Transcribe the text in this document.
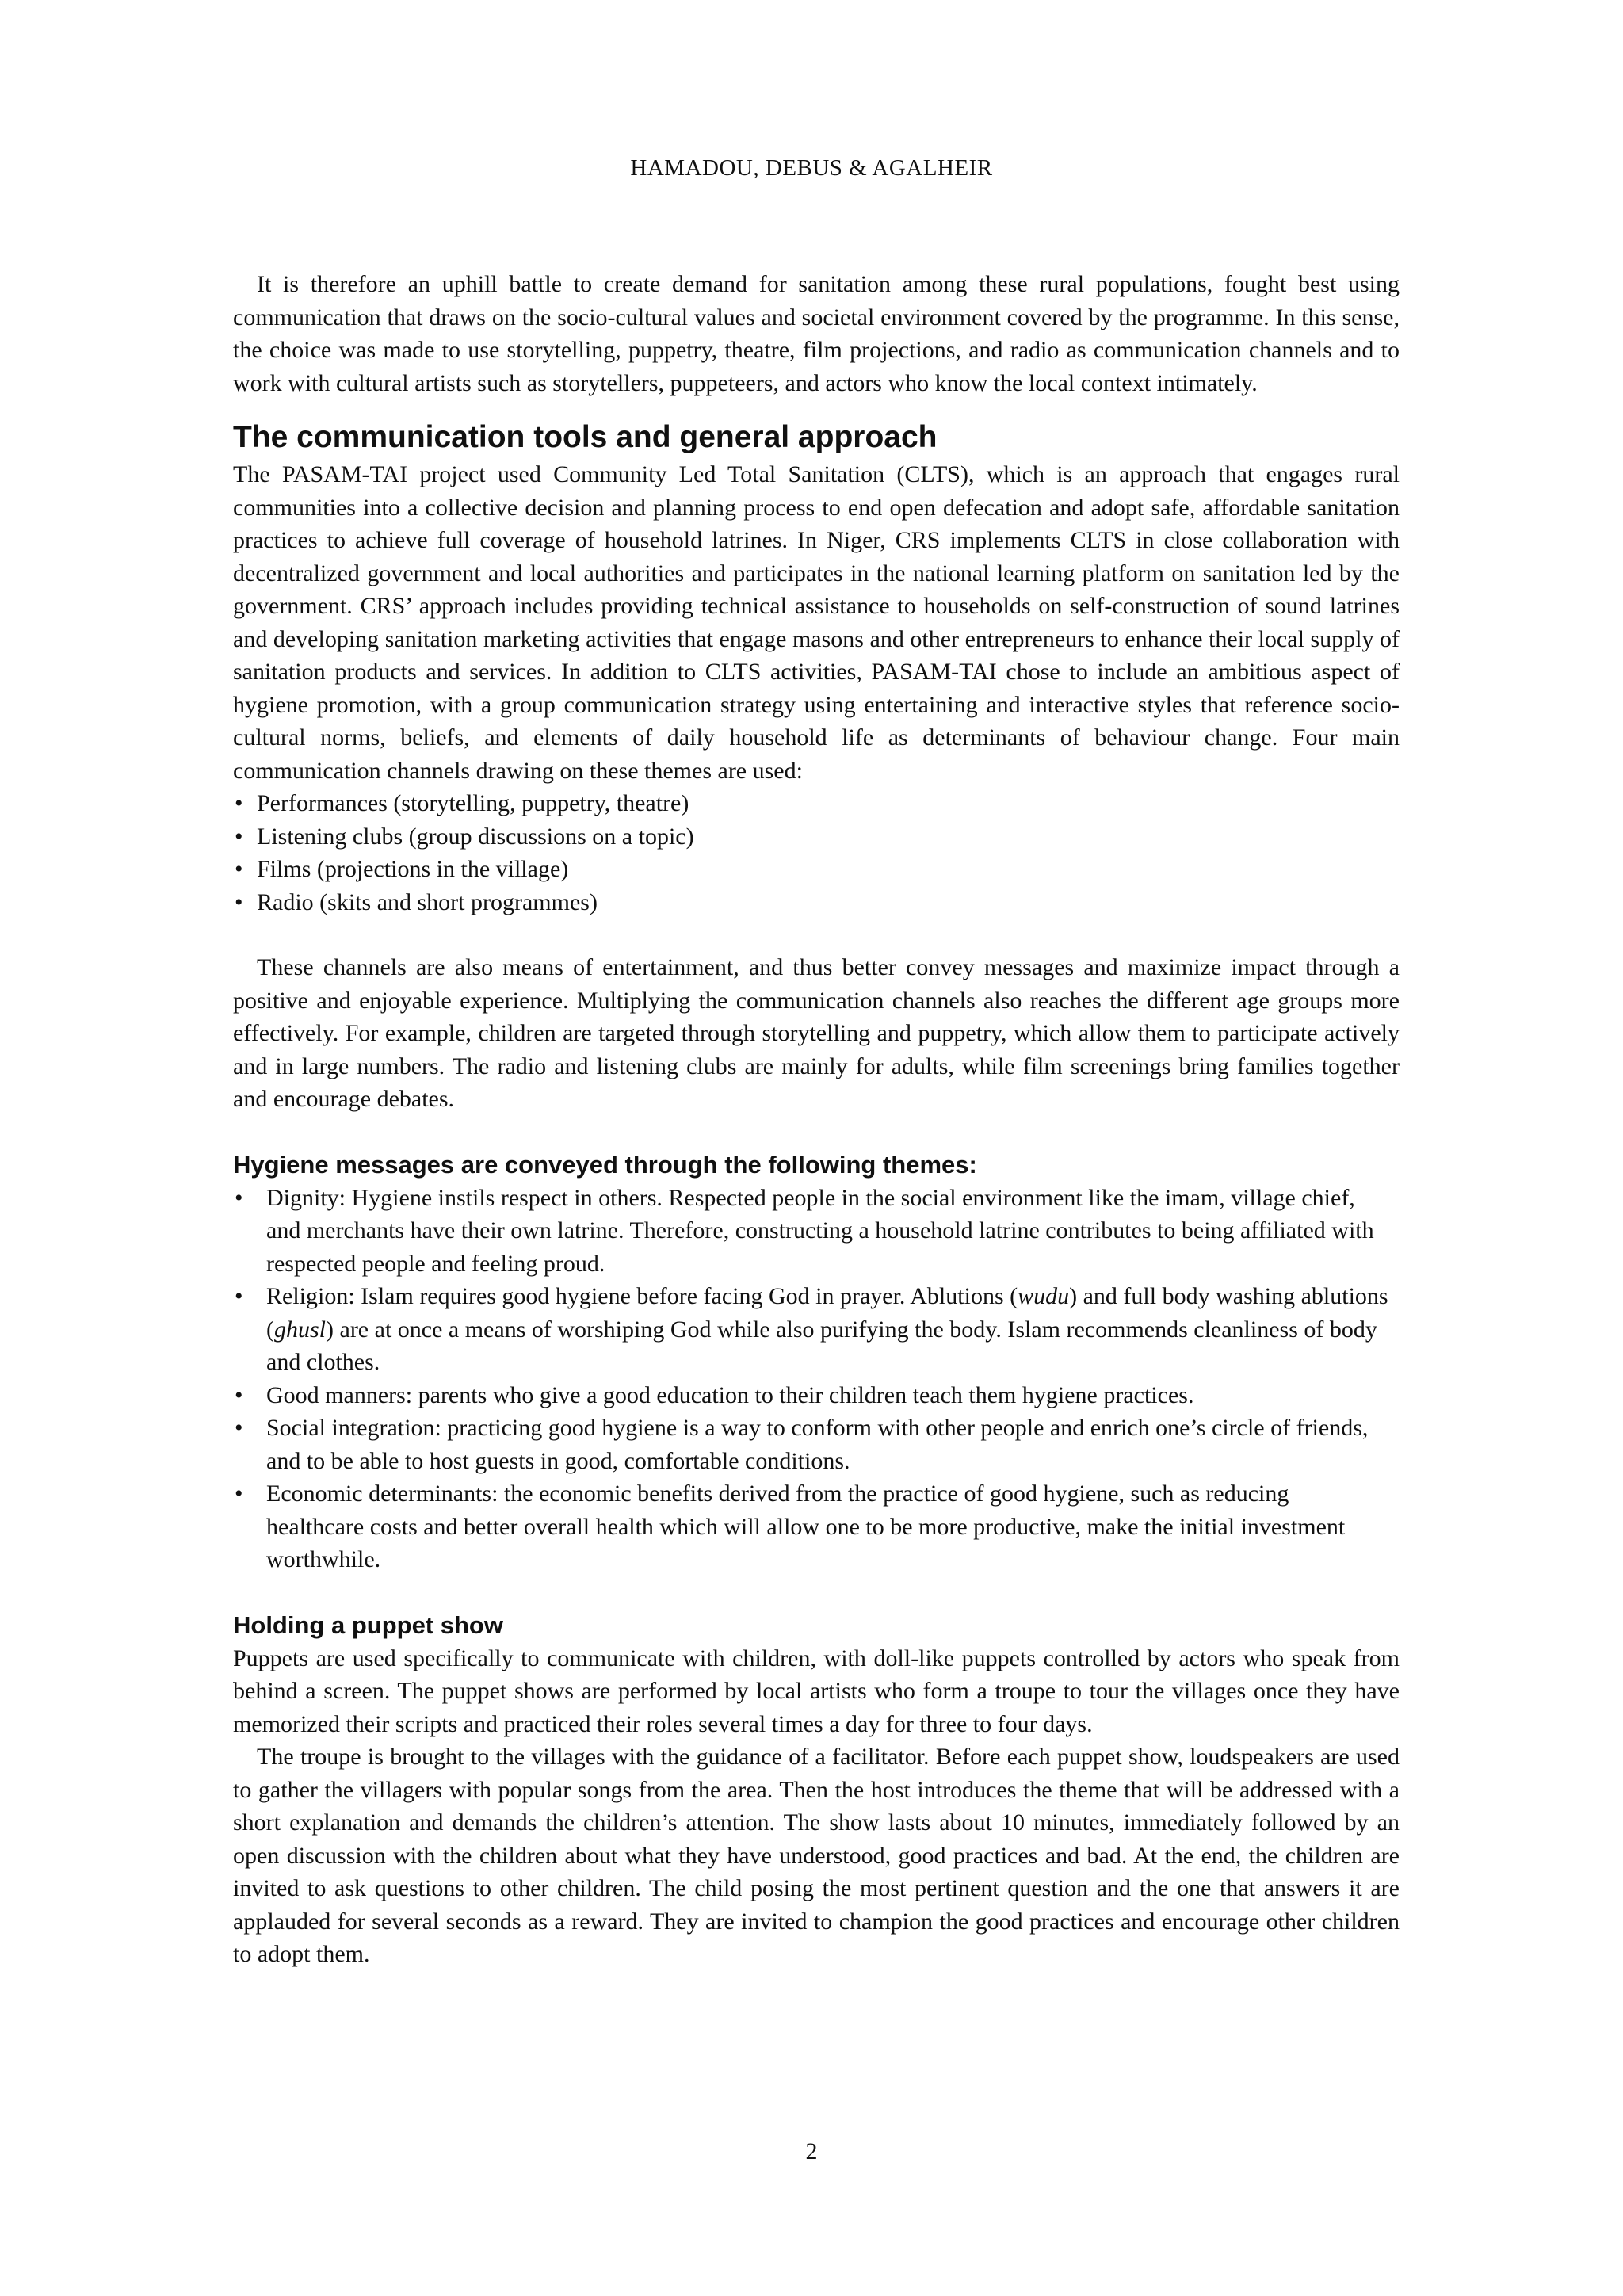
HAMADOU, DEBUS & AGALHEIR

It is therefore an uphill battle to create demand for sanitation among these rural populations, fought best using communication that draws on the socio-cultural values and societal environment covered by the programme. In this sense, the choice was made to use storytelling, puppetry, theatre, film projections, and radio as communication channels and to work with cultural artists such as storytellers, puppeteers, and actors who know the local context intimately.

The communication tools and general approach

The PASAM-TAI project used Community Led Total Sanitation (CLTS), which is an approach that engages rural communities into a collective decision and planning process to end open defecation and adopt safe, affordable sanitation practices to achieve full coverage of household latrines. In Niger, CRS implements CLTS in close collaboration with decentralized government and local authorities and participates in the national learning platform on sanitation led by the government. CRS’ approach includes providing technical assistance to households on self-construction of sound latrines and developing sanitation marketing activities that engage masons and other entrepreneurs to enhance their local supply of sanitation products and services. In addition to CLTS activities, PASAM-TAI chose to include an ambitious aspect of hygiene promotion, with a group communication strategy using entertaining and interactive styles that reference socio-cultural norms, beliefs, and elements of daily household life as determinants of behaviour change. Four main communication channels drawing on these themes are used:

• Performances (storytelling, puppetry, theatre)
• Listening clubs (group discussions on a topic)
• Films (projections in the village)
• Radio (skits and short programmes)

These channels are also means of entertainment, and thus better convey messages and maximize impact through a positive and enjoyable experience. Multiplying the communication channels also reaches the different age groups more effectively. For example, children are targeted through storytelling and puppetry, which allow them to participate actively and in large numbers. The radio and listening clubs are mainly for adults, while film screenings bring families together and encourage debates.

Hygiene messages are conveyed through the following themes:
• Dignity: Hygiene instils respect in others. Respected people in the social environment like the imam, village chief, and merchants have their own latrine. Therefore, constructing a household latrine contributes to being affiliated with respected people and feeling proud.
• Religion: Islam requires good hygiene before facing God in prayer. Ablutions (wudu) and full body washing ablutions (ghusl) are at once a means of worshiping God while also purifying the body. Islam recommends cleanliness of body and clothes.
• Good manners: parents who give a good education to their children teach them hygiene practices.
• Social integration: practicing good hygiene is a way to conform with other people and enrich one’s circle of friends, and to be able to host guests in good, comfortable conditions.
• Economic determinants: the economic benefits derived from the practice of good hygiene, such as reducing healthcare costs and better overall health which will allow one to be more productive, make the initial investment worthwhile.
Holding a puppet show

Puppets are used specifically to communicate with children, with doll-like puppets controlled by actors who speak from behind a screen. The puppet shows are performed by local artists who form a troupe to tour the villages once they have memorized their scripts and practiced their roles several times a day for three to four days.

The troupe is brought to the villages with the guidance of a facilitator. Before each puppet show, loudspeakers are used to gather the villagers with popular songs from the area. Then the host introduces the theme that will be addressed with a short explanation and demands the children’s attention. The show lasts about 10 minutes, immediately followed by an open discussion with the children about what they have understood, good practices and bad. At the end, the children are invited to ask questions to other children. The child posing the most pertinent question and the one that answers it are applauded for several seconds as a reward. They are invited to champion the good practices and encourage other children to adopt them.

2
